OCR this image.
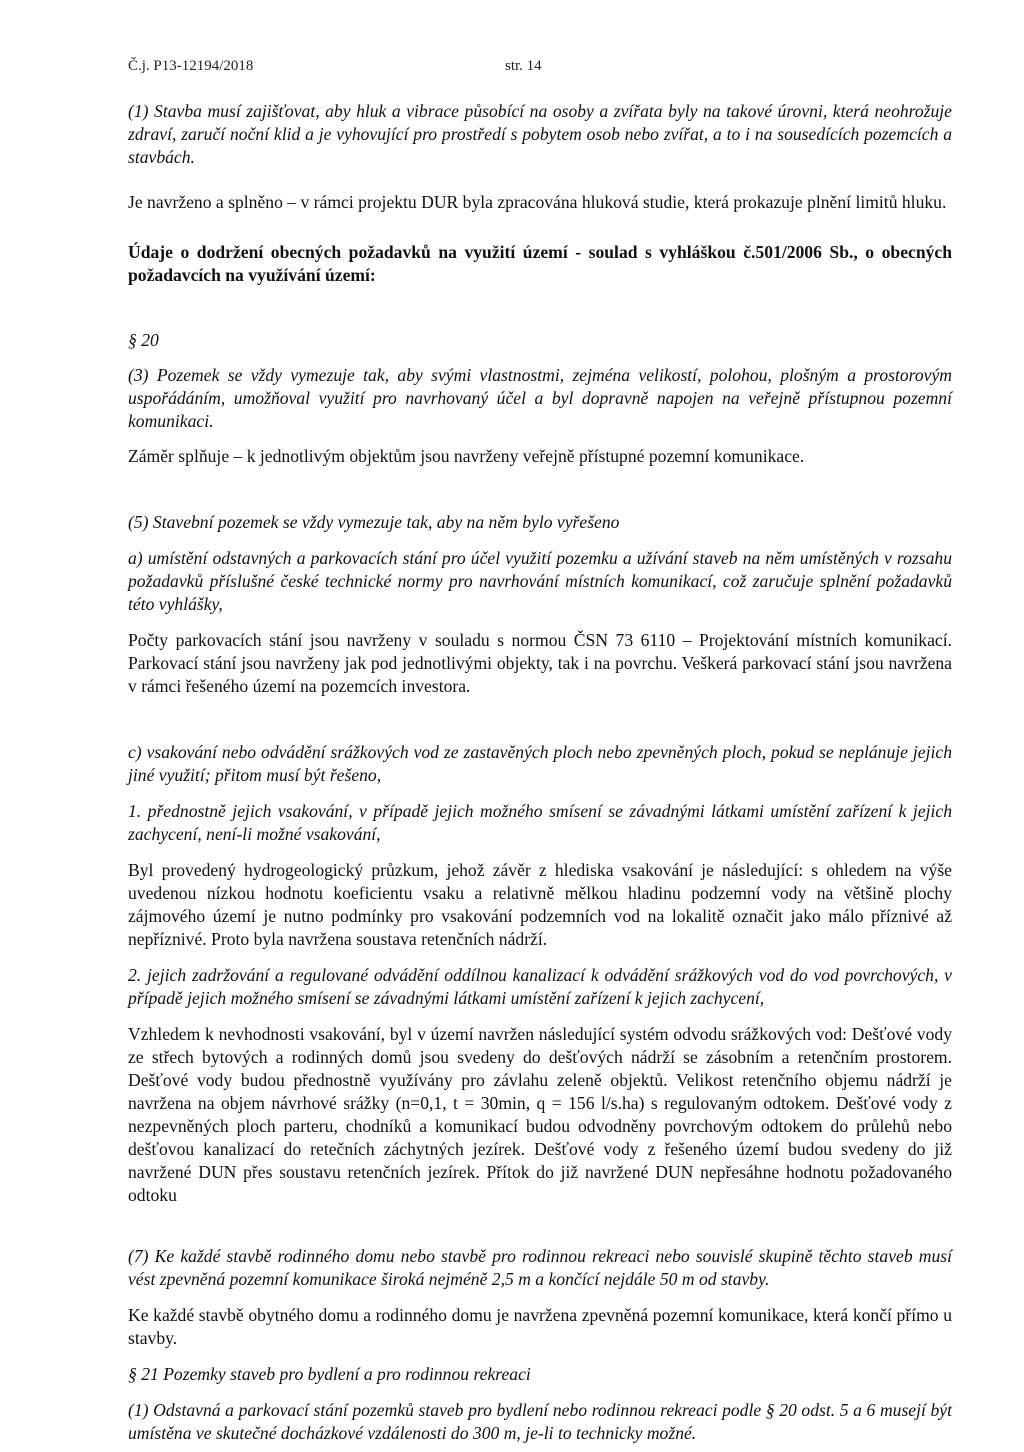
Č.j. P13-12194/2018	str. 14

(1) Stavba musí zajišťovat, aby hluk a vibrace působící na osoby a zvířata byly na takové úrovni, která neohrožuje zdraví, zaručí noční klid a je vyhovující pro prostředí s pobytem osob nebo zvířat, a to i na sousedících pozemcích a stavbách.

Je navrženo a splněno – v rámci projektu DUR byla zpracována hluková studie, která prokazuje plnění limitů hluku.

Údaje o dodržení obecných požadavků na využití území - soulad s vyhláškou č.501/2006 Sb., o obecných požadavcích na využívání území:

§ 20

(3) Pozemek se vždy vymezuje tak, aby svými vlastnostmi, zejména velikostí, polohou, plošným a prostorovým uspořádáním, umožňoval využití pro navrhovaný účel a byl dopravně napojen na veřejně přístupnou pozemní komunikaci.

Záměr splňuje – k jednotlivým objektům jsou navrženy veřejně přístupné pozemní komunikace.

(5) Stavební pozemek se vždy vymezuje tak, aby na něm bylo vyřešeno

a) umístění odstavných a parkovacích stání pro účel využití pozemku a užívání staveb na něm umístěných v rozsahu požadavků příslušné české technické normy pro navrhování místních komunikací, což zaručuje splnění požadavků této vyhlášky,

Počty parkovacích stání jsou navrženy v souladu s normou ČSN 73 6110 – Projektování místních komunikací. Parkovací stání jsou navrženy jak pod jednotlivými objekty, tak i na povrchu. Veškerá parkovací stání jsou navržena v rámci řešeného území na pozemcích investora.

c) vsakování nebo odvádění srážkových vod ze zastavěných ploch nebo zpevněných ploch, pokud se neplánuje jejich jiné využití; přitom musí být řešeno,

1. přednostně jejich vsakování, v případě jejich možného smísení se závadnými látkami umístění zařízení k jejich zachycení, není-li možné vsakování,

Byl provedený hydrogeologický průzkum, jehož závěr z hlediska vsakování je následující: s ohledem na výše uvedenou nízkou hodnotu koeficientu vsaku a relativně mělkou hladinu podzemní vody na většině plochy zájmového území je nutno podmínky pro vsakování podzemních vod na lokalitě označit jako málo příznivé až nepříznivé. Proto byla navržena soustava retenčních nádrží.

2. jejich zadržování a regulované odvádění oddílnou kanalizací k odvádění srážkových vod do vod povrchových, v případě jejich možného smísení se závadnými látkami umístění zařízení k jejich zachycení,

Vzhledem k nevhodnosti vsakování, byl v území navržen následující systém odvodu srážkových vod: Dešťové vody ze střech bytových a rodinných domů jsou svedeny do dešťových nádrží se zásobním a retenčním prostorem. Dešťové vody budou přednostně využívány pro závlahu zeleně objektů. Velikost retenčního objemu nádrží je navržena na objem návrhové srážky (n=0,1, t = 30min, q = 156 l/s.ha) s regulovaným odtokem. Dešťové vody z nezpevněných ploch parteru, chodníků a komunikací budou odvodněny povrchovým odtokem do průlehů nebo dešťovou kanalizací do retečních záchytných jezírek. Dešťové vody z řešeného území budou svedeny do již navržené DUN přes soustavu retenčních jezírek. Přítok do již navržené DUN nepřesáhne hodnotu požadovaného odtoku

(7) Ke každé stavbě rodinného domu nebo stavbě pro rodinnou rekreaci nebo souvislé skupině těchto staveb musí vést zpevněná pozemní komunikace široká nejméně 2,5 m a končící nejdále 50 m od stavby.

Ke každé stavbě obytného domu a rodinného domu je navržena zpevněná pozemní komunikace, která končí přímo u stavby.

§ 21 Pozemky staveb pro bydlení a pro rodinnou rekreaci

(1) Odstavná a parkovací stání pozemků staveb pro bydlení nebo rodinnou rekreaci podle § 20 odst. 5 a 6 musejí být umístěna ve skutečné docházkové vzdálenosti do 300 m, je-li to technicky možné.
